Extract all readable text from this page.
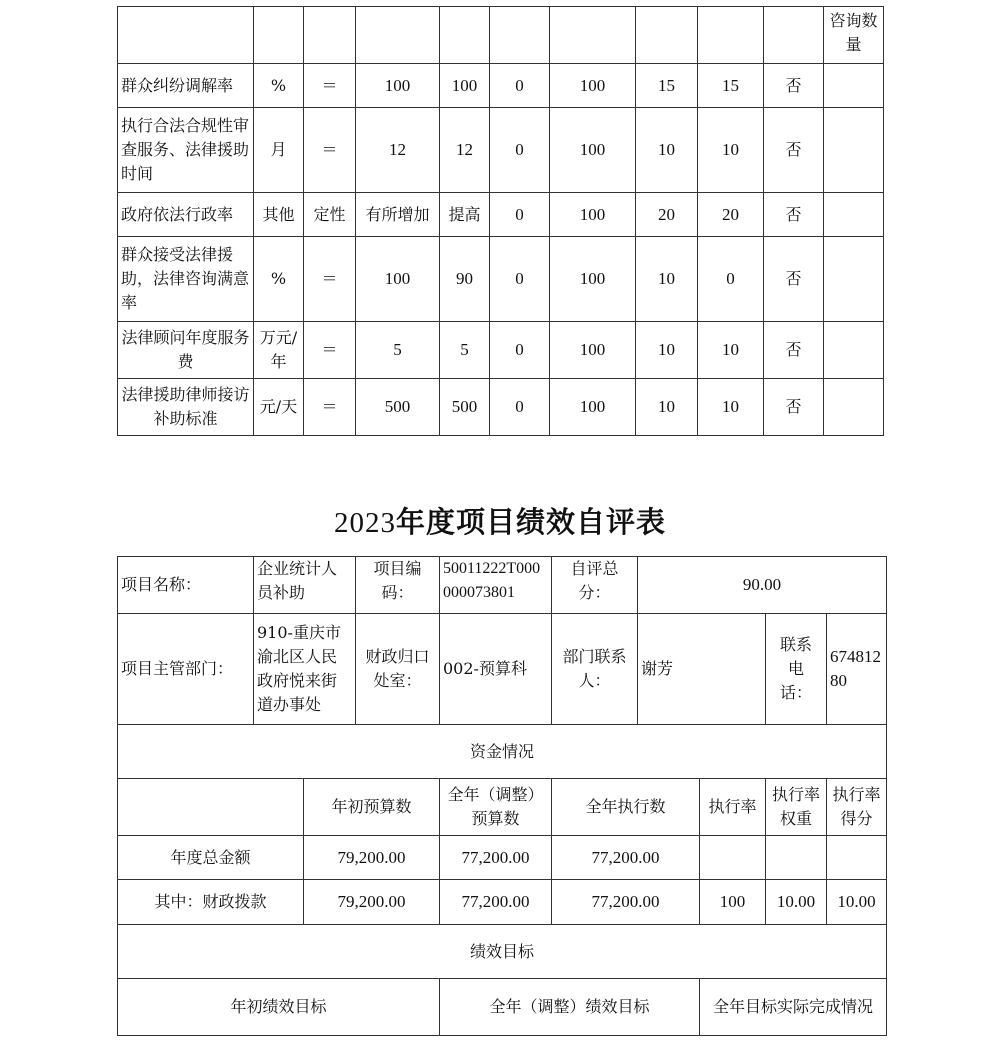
										咨询数量
群众纠纷调解率	%	＝	100	100	0	100	15	15	否	
执行合法合规性审查服务、法律援助时间	月	＝	12	12	0	100	10	10	否	
政府依法行政率	其他	定性	有所增加	提高	0	100	20	20	否	
群众接受法律援助，法律咨询满意率	%	＝	100	90	0	100	10	0	否	
法律顾问年度服务费	万元/年	＝	5	5	0	100	10	10	否	
法律援助律师接访补助标准	元/天	＝	500	500	0	100	10	10	否	
2023年度项目绩效自评表
项目名称：	企业统计人员补助		项目编码：	50011222T000000073801	自评总分：	90.00			
项目主管部门：	910-重庆市渝北区人民政府悦来街道办事处		财政归口处室：	002-预算科	部门联系人：	谢芳		联系电话：	67481280
资金情况									
		年初预算数		全年（调整）预算数	全年执行数		执行率	执行率权重	执行率得分
年度总金额		79,200.00		77,200.00	77,200.00				
其中：财政拨款		79,200.00		77,200.00	77,200.00		100	10.00	10.00
绩效目标									
年初绩效目标				全年（调整）绩效目标			全年目标实际完成情况		
